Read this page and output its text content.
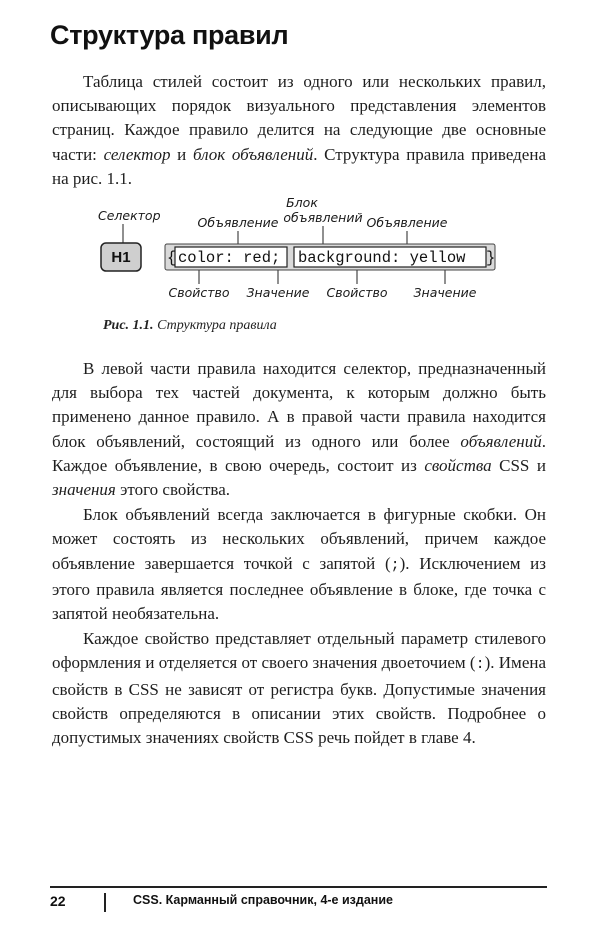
Структура правил

Таблица стилей состоит из одного или нескольких правил, описывающих порядок визуального представления элементов страниц. Каждое правило делится на следующие две основные части: селектор и блок объявлений. Структура правила приведена на рис. 1.1.

Селектор
Блок
объявлений
Объявление	Объявление
Свойство Значение Свойство Значение
H1 { color: red; background: yellow }
Рис. 1.1. Структура правила

В левой части правила находится селектор, предназначенный для выбора тех частей документа, к которым должно быть применено данное правило. А в правой части правила находится блок объявлений, состоящий из одного или более объявлений. Каждое объявление, в свою очередь, состоит из свойства CSS и значения этого свойства.

Блок объявлений всегда заключается в фигурные скобки. Он может состоять из нескольких объявлений, причем каждое объявление завершается точкой с запятой (;). Исключением из этого правила является последнее объявление в блоке, где точка с запятой необязательна.

Каждое свойство представляет отдельный параметр стилевого оформления и отделяется от своего значения двоеточием (:). Имена свойств в CSS не зависят от регистра букв. Допустимые значения свойств определяются в описании этих свойств. Подробнее о допустимых значениях свойств CSS речь пойдет в главе 4.

22	CSS. Карманный справочник, 4-е издание
